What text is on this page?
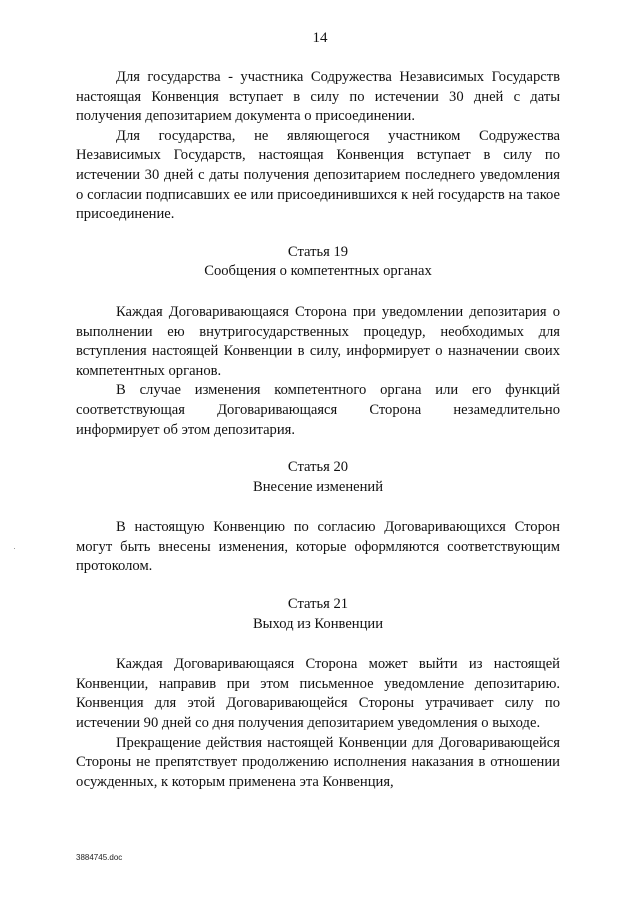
14

Для государства - участника Содружества Независимых Государств настоящая Конвенция вступает в силу по истечении 30 дней с даты получения депозитарием документа о присоединении.

Для государства, не являющегося участником Содружества Независимых Государств, настоящая Конвенция вступает в силу по истечении 30 дней с даты получения депозитарием последнего уведомления о согласии подписавших ее или присоединившихся к ней государств на такое присоединение.

Статья 19

Сообщения о компетентных органах

Каждая Договаривающаяся Сторона при уведомлении депозитария о выполнении ею внутригосударственных процедур, необходимых для вступления настоящей Конвенции в силу, информирует о назначении своих компетентных органов.

В случае изменения компетентного органа или его функций соответствующая Договаривающаяся Сторона незамедлительно информирует об этом депозитария.

Статья 20

Внесение изменений

В настоящую Конвенцию по согласию Договаривающихся Сторон могут быть внесены изменения, которые оформляются соответствующим протоколом.

Статья 21

Выход из Конвенции

Каждая Договаривающаяся Сторона может выйти из настоящей Конвенции, направив при этом письменное уведомление депозитарию. Конвенция для этой Договаривающейся Стороны утрачивает силу по истечении 90 дней со дня получения депозитарием уведомления о выходе.

Прекращение действия настоящей Конвенции для Договаривающейся Стороны не препятствует продолжению исполнения наказания в отношении осужденных, к которым применена эта Конвенция,

3884745.doc
